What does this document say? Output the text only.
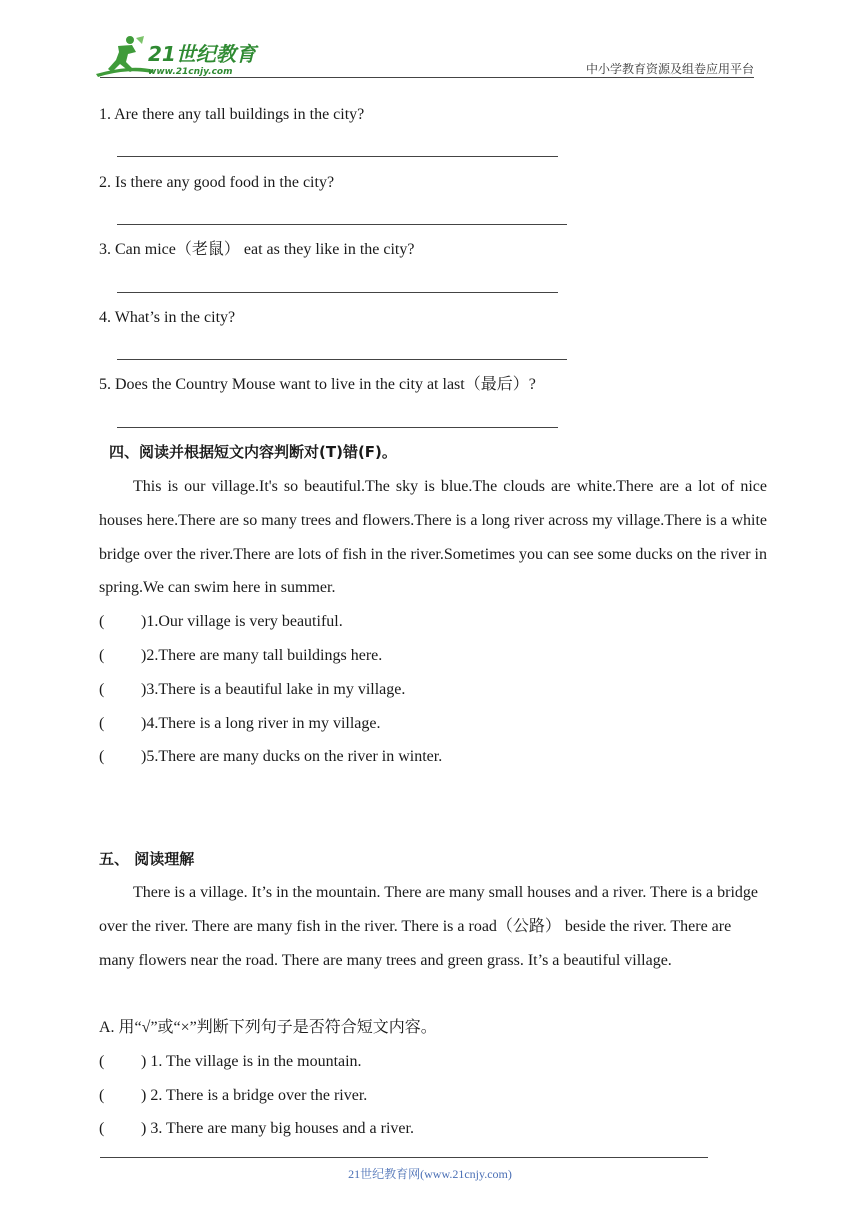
21世纪教育
www.21cnjy.com	中小学教育资源及组卷应用平台
1. Are there any tall buildings in the city?
2. Is there any good food in the city?
3. Can mice（老鼠） eat as they like in the city?
4. What’s in the city?
5. Does the Country Mouse want to live in the city at last（最后）?
四、阅读并根据短文内容判断对(T)错(F)。
This is our village.It's so beautiful.The sky is blue.The clouds are white.There are a lot of nice houses here.There are so many trees and flowers.There is a long river across my village.There is a white bridge over the river.There are lots of fish in the river.Sometimes you can see some ducks on the river in spring.We can swim here in summer.
( )1.Our village is very beautiful.
( )2.There are many tall buildings here.
( )3.There is a beautiful lake in my village.
( )4.There is a long river in my village.
( )5.There are many ducks on the river in winter.
五、 阅读理解
There is a village. It’s in the mountain. There are many small houses and a river. There is a bridge over the river. There are many fish in the river. There is a road（公路） beside the river. There are many flowers near the road. There are many trees and green grass. It’s a beautiful village.
A. 用“√”或“×”判断下列句子是否符合短文内容。
( ) 1. The village is in the mountain.
( ) 2. There is a bridge over the river.
( ) 3. There are many big houses and a river.
21世纪教育网(www.21cnjy.com)
